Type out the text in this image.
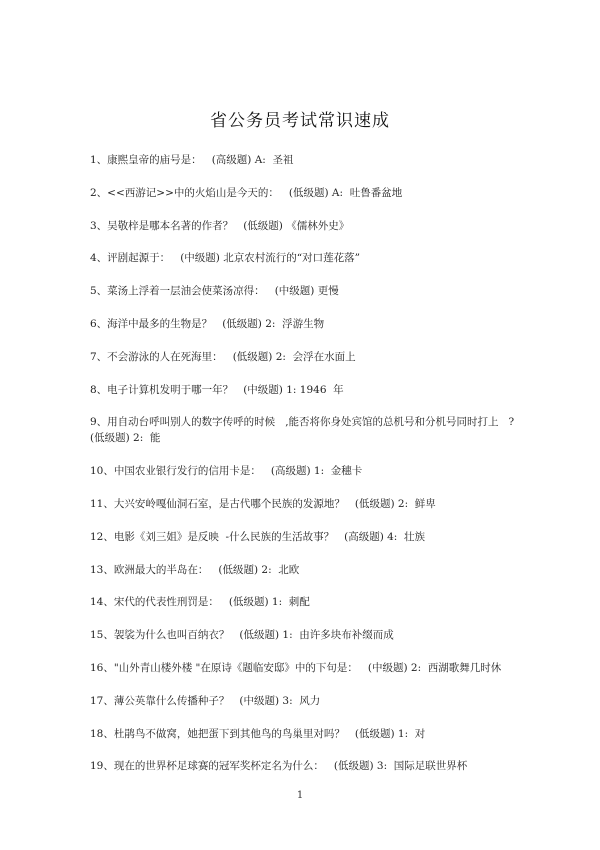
省公务员考试常识速成
1、康熙皇帝的庙号是：   (高级题) A:  圣祖
2、<<西游记>>中的火焰山是今天的：   (低级题) A:  吐鲁番盆地
3、吴敬梓是哪本名著的作者？   (低级题) 《儒林外史》
4、评剧起源于：   (中级题) 北京农村流行的“对口莲花落”
5、菜汤上浮着一层油会使菜汤凉得：   (中级题) 更慢
6、海洋中最多的生物是？   (低级题) 2:  浮游生物
7、不会游泳的人在死海里：   (低级题) 2:  会浮在水面上
8、电子计算机发明于哪一年？   (中级题) 1: 1946  年
9、用自动台呼叫别人的数字传呼的时候   ,能否将你身处宾馆的总机号和分机号同时打上   ? (低级题) 2:  能
10、中国农业银行发行的信用卡是：   (高级题) 1:  金穗卡
11、大兴安岭嘎仙洞石室，是古代哪个民族的发源地？   (低级题) 2:  鲜卑
12、电影《刘三姐》是反映  -什么民族的生活故事？   (高级题) 4:  壮族
13、欧洲最大的半岛在：   (低级题) 2:  北欧
14、宋代的代表性刑罚是：   (低级题) 1:  刺配
15、袈裟为什么也叫百纳衣？   (低级题) 1:  由许多块布补缀而成
16、"山外青山楼外楼 "在原诗《题临安邸》中的下句是：   (中级题) 2:  西湖歌舞几时休
17、薄公英靠什么传播种子？   (中级题) 3:  风力
18、杜鹃鸟不做窝，她把蛋下到其他鸟的鸟巢里对吗？   (低级题) 1:  对
19、现在的世界杯足球赛的冠军奖杯定名为什么：   (低级题) 3:  国际足联世界杯
1
